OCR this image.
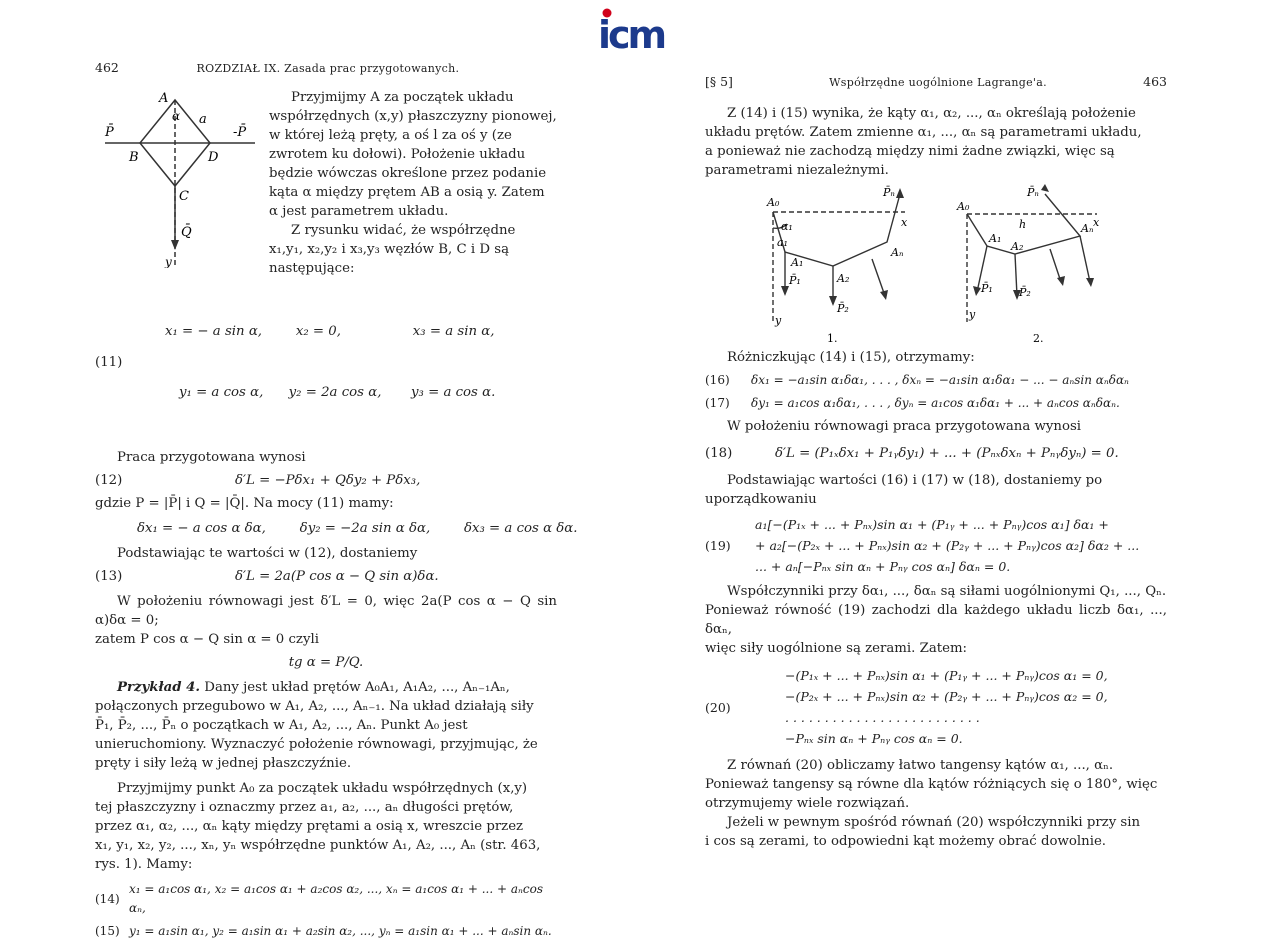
icm
462	ROZDZIAŁ IX. Zasada prac przygotowanych.
A
α a
P̄	-P̄
B	D
C
Q̄
y

Przyjmijmy A za początek układu

współrzędnych (x,y) płaszczyzny pionowej,

w której leżą pręty, a oś l za oś y (ze

zwrotem ku dołowi). Położenie układu

będzie wówczas określone przez podanie

kąta α między prętem AB a osią y. Zatem

α jest parametrem układu.

Z rysunku widać, że współrzędne

x₁,y₁, x₂,y₂ i x₃,y₃ węzłów B, C i D są

następujące:

(11)

x₁ = − a sin α,        x₂ = 0,                 x₃ = a sin α,

y₁ = a cos α,      y₂ = 2a cos α,       y₃ = a cos α.

Praca przygotowana wynosi

(12)	δ′L = −Pδx₁ + Qδy₂ + Pδx₃,

gdzie P = |P̄| i Q = |Q̄|. Na mocy (11) mamy:

δx₁ = − a cos α δα,        δy₂ = −2a sin α δα,        δx₃ = a cos α δα.

Podstawiając te wartości w (12), dostaniemy

(13)	δ′L = 2a(P cos α − Q sin α)δα.

W położeniu równowagi jest δ′L = 0, więc 2a(P cos α − Q sin α)δα = 0;

zatem P cos α − Q sin α = 0 czyli

tg α = P/Q.

Przykład 4. Dany jest układ prętów A₀A₁, A₁A₂, ..., Aₙ₋₁Aₙ,

połączonych przegubowo w A₁, A₂, ..., Aₙ₋₁. Na układ działają siły

P̄₁, P̄₂, ..., P̄ₙ o początkach w A₁, A₂, ..., Aₙ. Punkt A₀ jest

unieruchomiony. Wyznaczyć położenie równowagi, przyjmując, że

pręty i siły leżą w jednej płaszczyźnie.

Przyjmijmy punkt A₀ za początek układu współrzędnych (x,y)

tej płaszczyzny i oznaczmy przez a₁, a₂, ..., aₙ długości prętów,

przez α₁, α₂, ..., αₙ kąty między prętami a osią x, wreszcie przez

x₁, y₁, x₂, y₂, ..., xₙ, yₙ współrzędne punktów A₁, A₂, ..., Aₙ (str. 463,

rys. 1). Mamy:

(14)
x₁ = a₁cos α₁, x₂ = a₁cos α₁ + a₂cos α₂, ..., xₙ = a₁cos α₁ + ... + aₙcos αₙ,
(15) y₁ = a₁sin α₁, y₂ = a₁sin α₁ + a₂sin α₂, ..., yₙ = a₁sin α₁ + ... + aₙsin αₙ.
[§ 5]	Współrzędne uogólnione Lagrange'a.	463

Z (14) i (15) wynika, że kąty α₁, α₂, ..., αₙ określają położenie

układu prętów. Zatem zmienne α₁, ..., αₙ są parametrami układu,

a ponieważ nie zachodzą między nimi żadne związki, więc są

parametrami niezależnymi.

A₀
α₁
a₁
A₁
A₂
Aₙ
P̄₁
P̄₂
P̄ₙ
x
y
1.
A₀
A₁
A₂
Aₙ
h
P̄₁ P̄₂
P̄ₙ
x
y
2.

Różniczkując (14) i (15), otrzymamy:

(16)	δx₁ = −a₁sin α₁δα₁, . . . , δxₙ = −a₁sin α₁δα₁ − ... − aₙsin αₙδαₙ
(17)	δy₁ = a₁cos α₁δα₁, . . . , δyₙ = a₁cos α₁δα₁ + ... + aₙcos αₙδαₙ.

W położeniu równowagi praca przygotowana wynosi

(18)	δ′L = (P₁ₓδx₁ + P₁ᵧδy₁) + ... + (Pₙₓδxₙ + Pₙᵧδyₙ) = 0.

Podstawiając wartości (16) i (17) w (18), dostaniemy po

uporządkowaniu

(19)
a₁[−(P₁ₓ + ... + Pₙₓ)sin α₁ + (P₁ᵧ + ... + Pₙᵧ)cos α₁] δα₁ +
+ a₂[−(P₂ₓ + ... + Pₙₓ)sin α₂ + (P₂ᵧ + ... + Pₙᵧ)cos α₂] δα₂ + ...
... + aₙ[−Pₙₓ sin αₙ + Pₙᵧ cos αₙ] δαₙ = 0.

Współczynniki przy δα₁, ..., δαₙ są siłami uogólnionymi Q₁, ..., Qₙ.

Ponieważ równość (19) zachodzi dla każdego układu liczb δα₁, ..., δαₙ,

więc siły uogólnione są zerami. Zatem:

(20)
−(P₁ₓ + ... + Pₙₓ)sin α₁ + (P₁ᵧ + ... + Pₙᵧ)cos α₁ = 0,
−(P₂ₓ + ... + Pₙₓ)sin α₂ + (P₂ᵧ + ... + Pₙᵧ)cos α₂ = 0,
. . . . . . . . . . . . . . . . . . . . . . . . .
−Pₙₓ sin αₙ + Pₙᵧ cos αₙ = 0.

Z równań (20) obliczamy łatwo tangensy kątów α₁, ..., αₙ.

Ponieważ tangensy są równe dla kątów różniących się o 180°, więc

otrzymujemy wiele rozwiązań.

Jeżeli w pewnym spośród równań (20) współczynniki przy sin

i cos są zerami, to odpowiedni kąt możemy obrać dowolnie.
